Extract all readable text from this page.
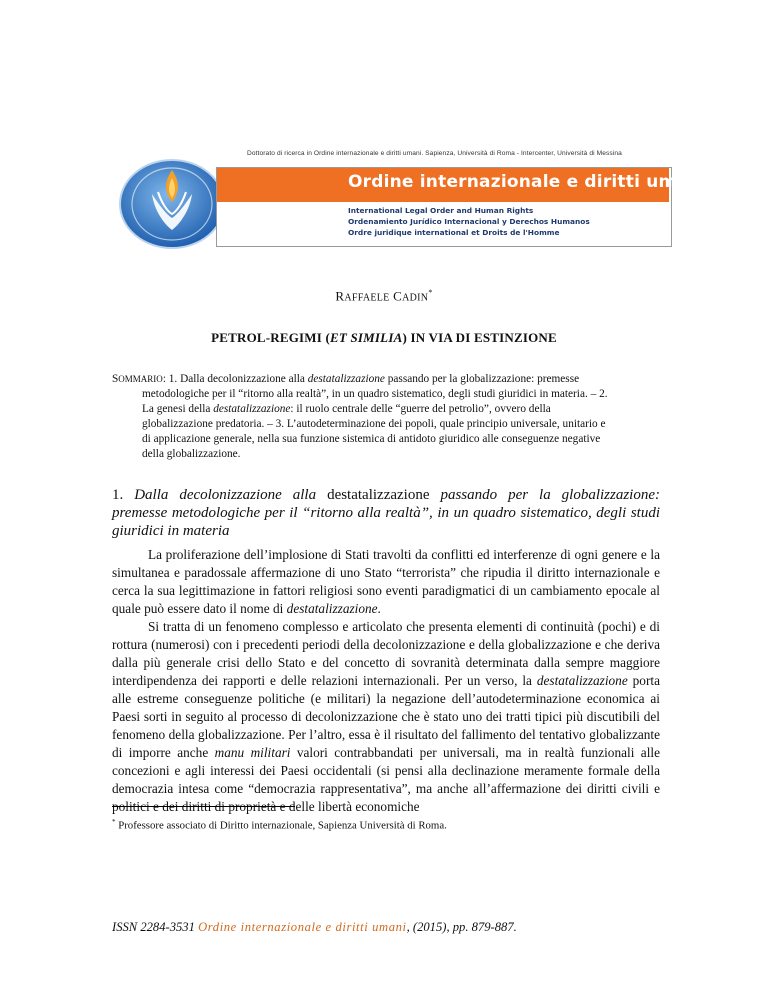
Dottorato di ricerca in Ordine internazionale e diritti umani. Sapienza, Università di Roma - Intercenter, Università di Messina
Ordine internazionale e diritti umani
International Legal Order and Human Rights
Ordenamiento Jurídico Internacional y Derechos Humanos
Ordre juridique international et Droits de l'Homme
RAFFAELE CADIN*
PETROL-REGIMI (ET SIMILIA) IN VIA DI ESTINZIONE
SOMMARIO: 1. Dalla decolonizzazione alla destatalizzazione passando per la globalizzazione: premesse
metodologiche per il “ritorno alla realtà”, in un quadro sistematico, degli studi giuridici in materia. – 2.
La genesi della destatalizzazione: il ruolo centrale delle “guerre del petrolio”, ovvero della
globalizzazione predatoria. – 3. L’autodeterminazione dei popoli, quale principio universale, unitario e
di applicazione generale, nella sua funzione sistemica di antidoto giuridico alle conseguenze negative
della globalizzazione.
1. Dalla decolonizzazione alla destatalizzazione passando per la globalizzazione: premesse metodologiche per il “ritorno alla realtà”, in un quadro sistematico, degli studi giuridici in materia

La proliferazione dell’implosione di Stati travolti da conflitti ed interferenze di ogni genere e la simultanea e paradossale affermazione di uno Stato “terrorista” che ripudia il diritto internazionale e cerca la sua legittimazione in fattori religiosi sono eventi paradigmatici di un cambiamento epocale al quale può essere dato il nome di destatalizzazione.

Si tratta di un fenomeno complesso e articolato che presenta elementi di continuità (pochi) e di rottura (numerosi) con i precedenti periodi della decolonizzazione e della globalizzazione e che deriva dalla più generale crisi dello Stato e del concetto di sovranità determinata dalla sempre maggiore interdipendenza dei rapporti e delle relazioni internazionali. Per un verso, la destatalizzazione porta alle estreme conseguenze politiche (e militari) la negazione dell’autodeterminazione economica ai Paesi sorti in seguito al processo di decolonizzazione che è stato uno dei tratti tipici più discutibili del fenomeno della globalizzazione. Per l’altro, essa è il risultato del fallimento del tentativo globalizzante di imporre anche manu militari valori contrabbandati per universali, ma in realtà funzionali alle concezioni e agli interessi dei Paesi occidentali (si pensi alla declinazione meramente formale della democrazia intesa come “democrazia rappresentativa”, ma anche all’affermazione dei diritti civili e politici e dei diritti di proprietà e delle libertà economiche

* Professore associato di Diritto internazionale, Sapienza Università di Roma.
ISSN 2284-3531 Ordine internazionale e diritti umani, (2015), pp. 879-887.
